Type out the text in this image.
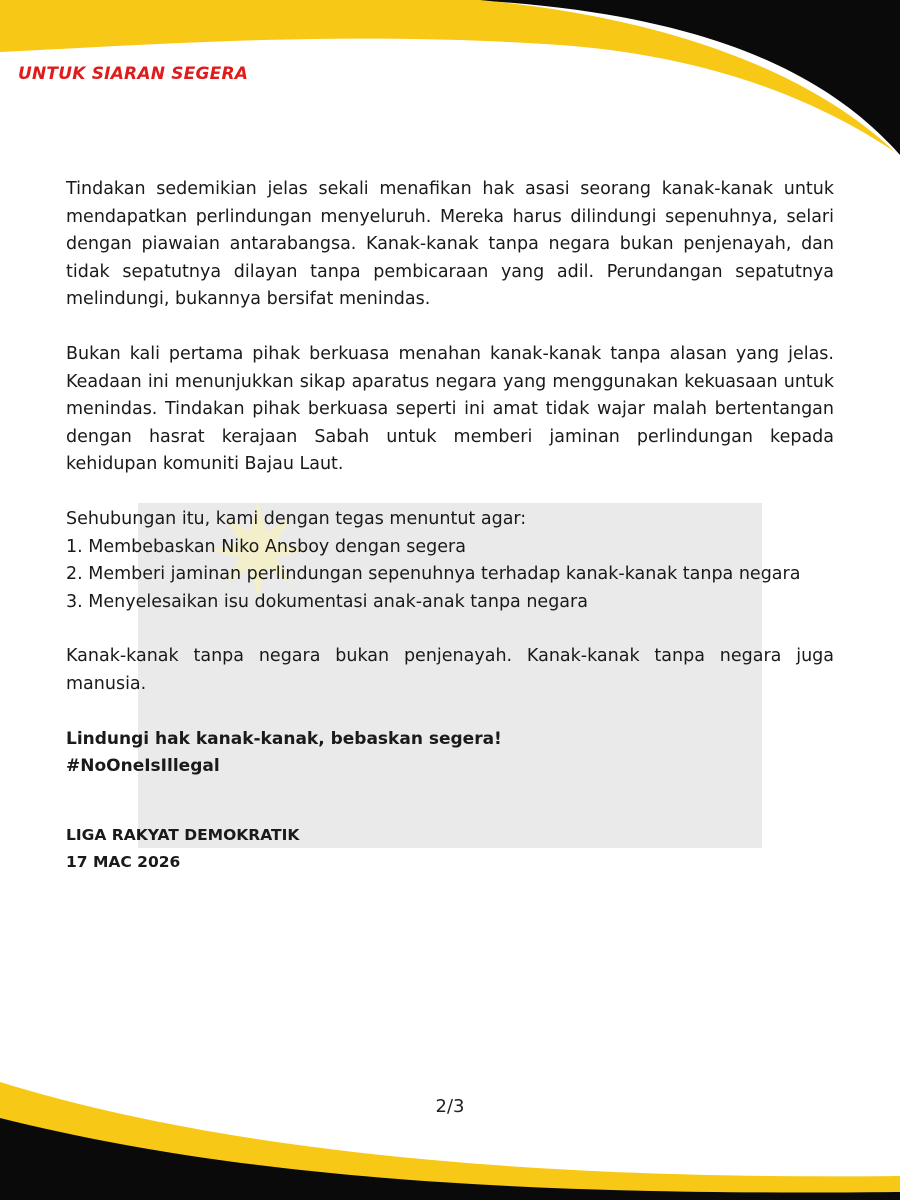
UNTUK SIARAN SEGERA

Tindakan sedemikian jelas sekali menafikan hak asasi seorang kanak-kanak untuk mendapatkan perlindungan menyeluruh. Mereka harus dilindungi sepenuhnya, selari dengan piawaian antarabangsa. Kanak-kanak tanpa negara bukan penjenayah, dan tidak sepatutnya dilayan tanpa pembicaraan yang adil. Perundangan sepatutnya melindungi, bukannya bersifat menindas.

Bukan kali pertama pihak berkuasa menahan kanak-kanak tanpa alasan yang jelas. Keadaan ini menunjukkan sikap aparatus negara yang menggunakan kekuasaan untuk menindas. Tindakan pihak berkuasa seperti ini amat tidak wajar malah bertentangan dengan hasrat kerajaan Sabah untuk memberi jaminan perlindungan kepada kehidupan komuniti Bajau Laut.

Sehubungan itu, kami dengan tegas menuntut agar:

1. Membebaskan Niko Ansboy dengan segera

2. Memberi jaminan perlindungan sepenuhnya terhadap kanak-kanak tanpa negara

3. Menyelesaikan isu dokumentasi anak-anak tanpa negara

Kanak-kanak tanpa negara bukan penjenayah. Kanak-kanak tanpa negara juga manusia.

Lindungi hak kanak-kanak, bebaskan segera!
#NoOneIsIllegal
LIGA RAKYAT DEMOKRATIK
17 MAC 2026
2/3
